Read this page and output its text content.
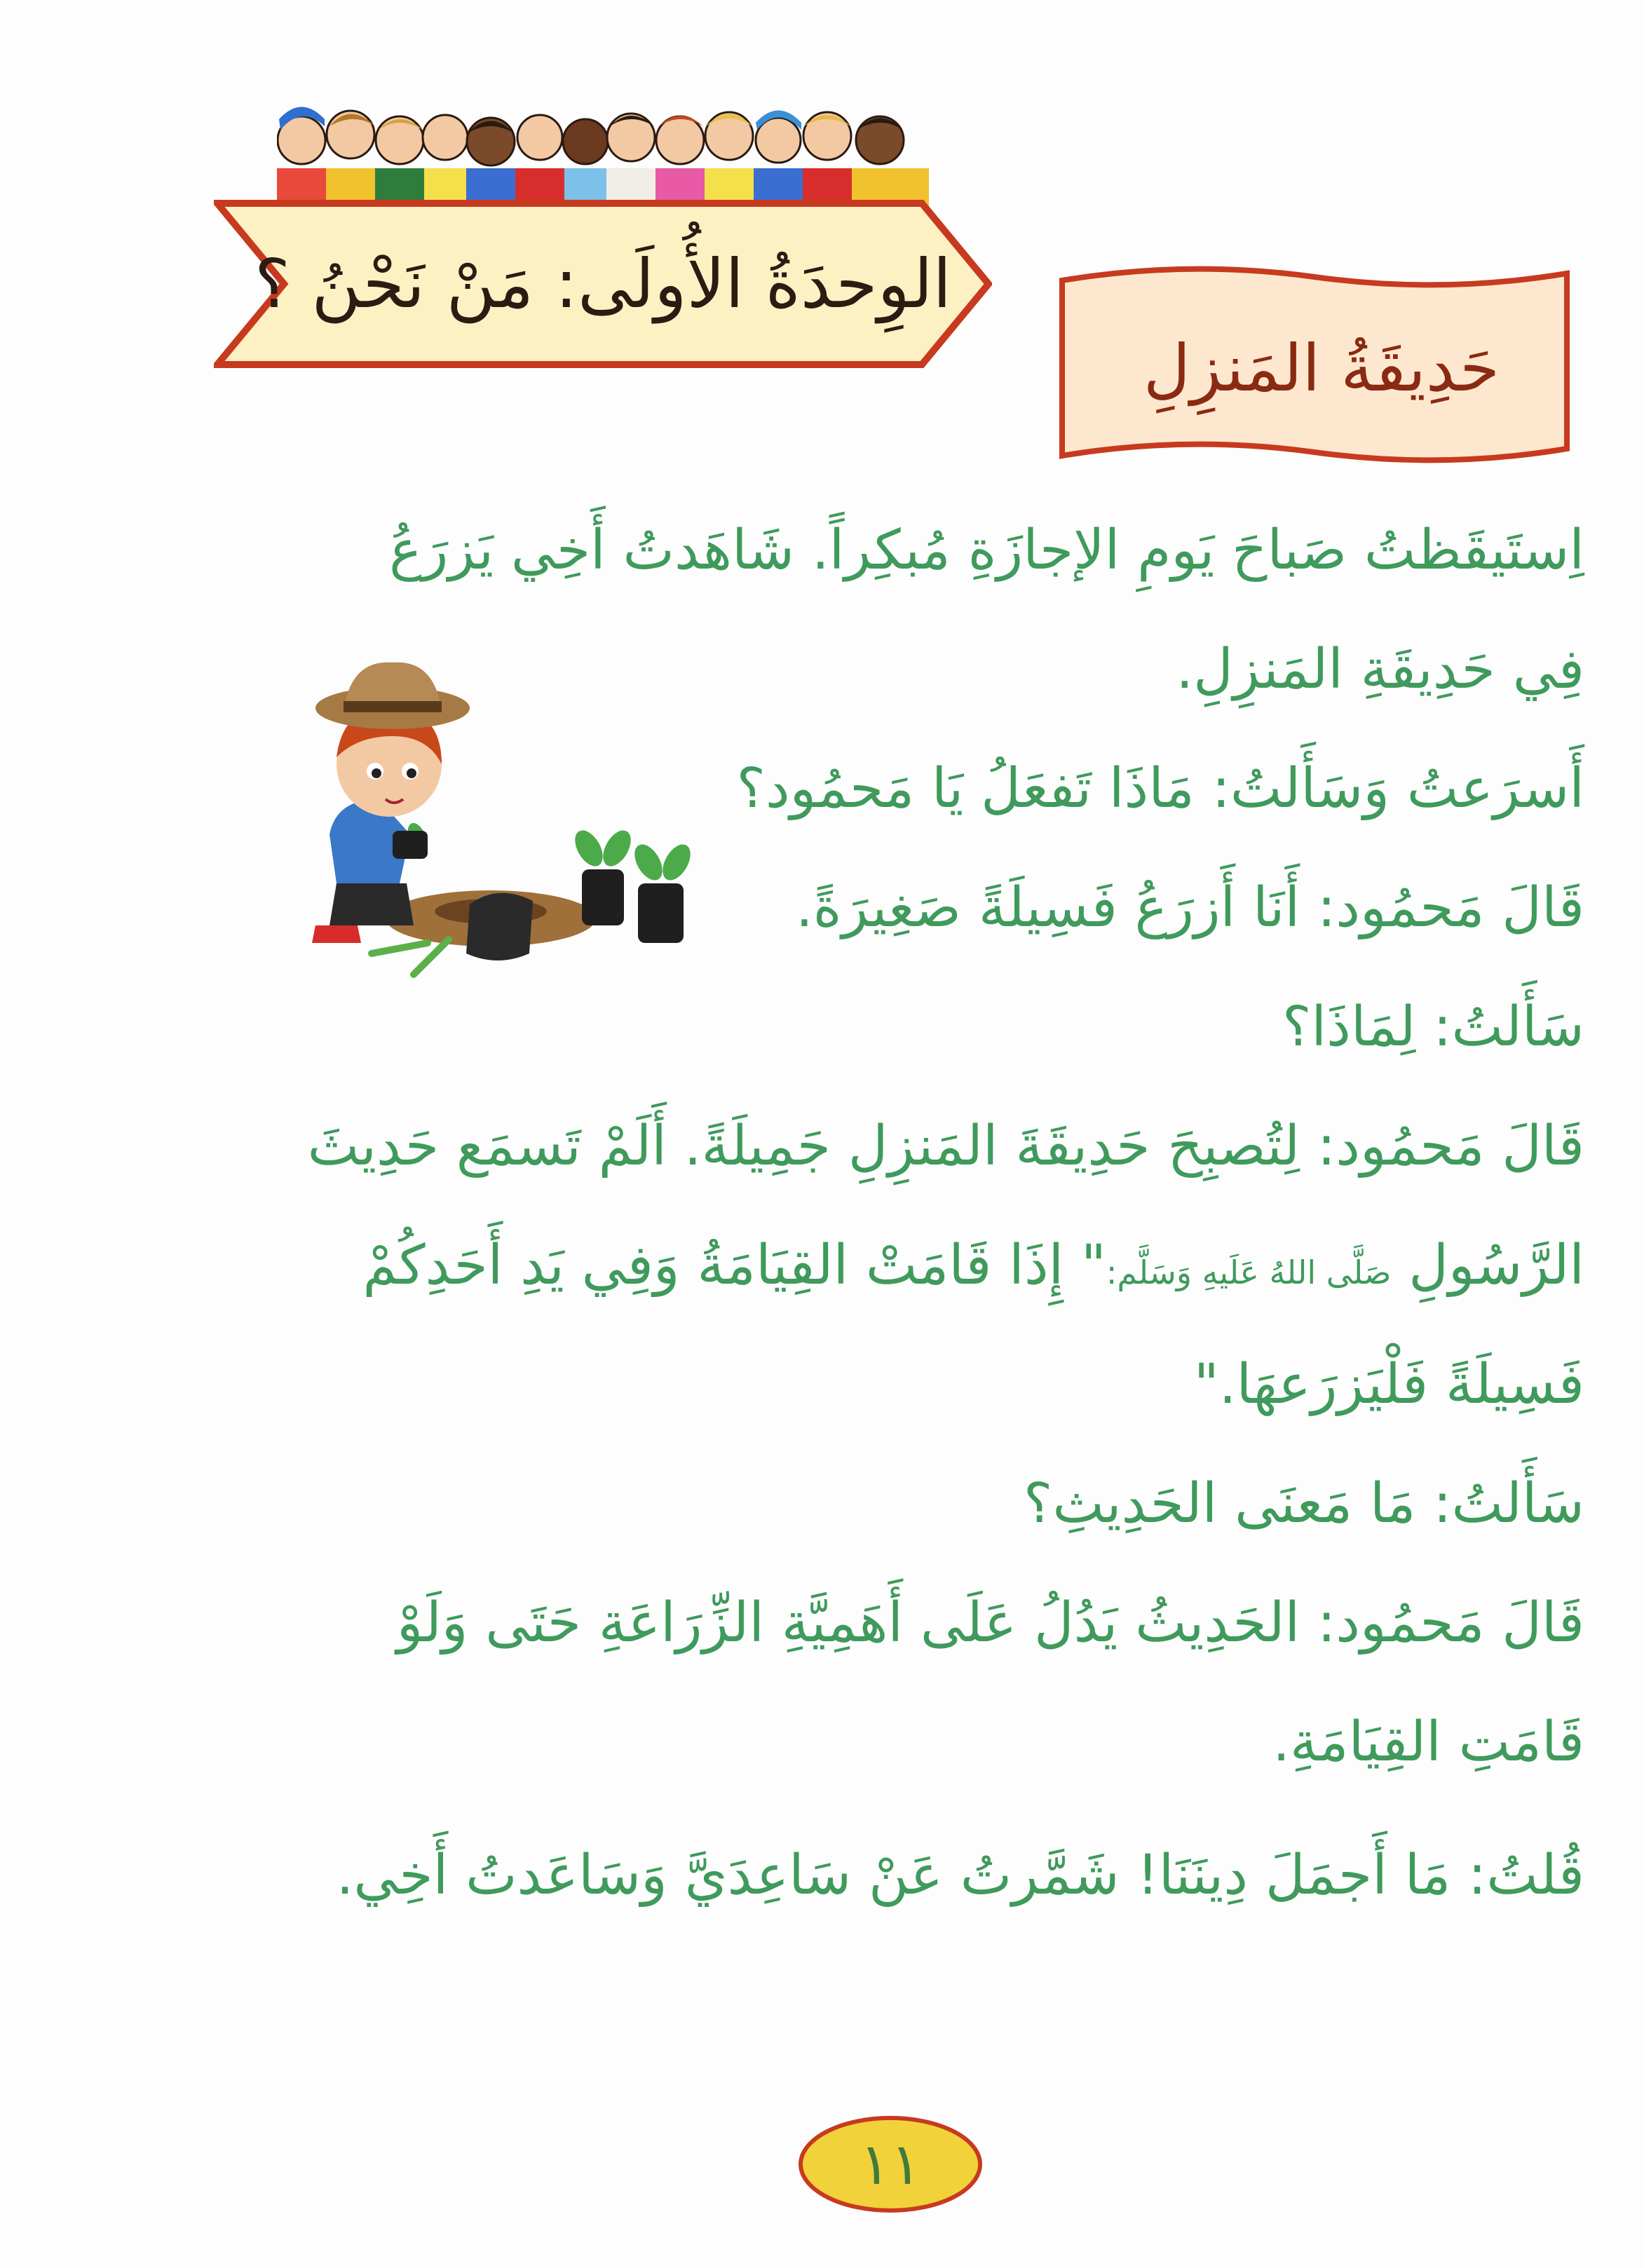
الوِحدَةُ الأُولَى: مَنْ نَحْنُ ؟
حَدِيقَةُ المَنزِلِ
اِستَيقَظتُ صَباحَ يَومِ الإجازَةِ مُبكِراً. شَاهَدتُ أَخِي يَزرَعُ
فِي حَدِيقَةِ المَنزِلِ.
أَسرَعتُ وَسَأَلتُ: مَاذَا تَفعَلُ يَا مَحمُود؟
قَالَ مَحمُود: أَنَا أَزرَعُ فَسِيلَةً صَغِيرَةً.
سَأَلتُ: لِمَاذَا؟
قَالَ مَحمُود: لِتُصبِحَ حَدِيقَةَ المَنزِلِ جَمِيلَةً. أَلَمْ تَسمَع حَدِيثَ
الرَّسُولِ صَلَّى اللهُ عَلَيهِ وَسَلَّم:" إِذَا قَامَتْ القِيَامَةُ وَفِي يَدِ أَحَدِكُمْ
فَسِيلَةً فَلْيَزرَعهَا."
سَأَلتُ: مَا مَعنَى الحَدِيثِ؟
قَالَ مَحمُود: الحَدِيثُ يَدُلُ عَلَى أَهَمِيَّةِ الزِّرَاعَةِ حَتَى وَلَوْ
قَامَتِ القِيَامَةِ.
قُلتُ: مَا أَجمَلَ دِينَنَا! شَمَّرتُ عَنْ سَاعِدَيَّ وَسَاعَدتُ أَخِي.
١١
